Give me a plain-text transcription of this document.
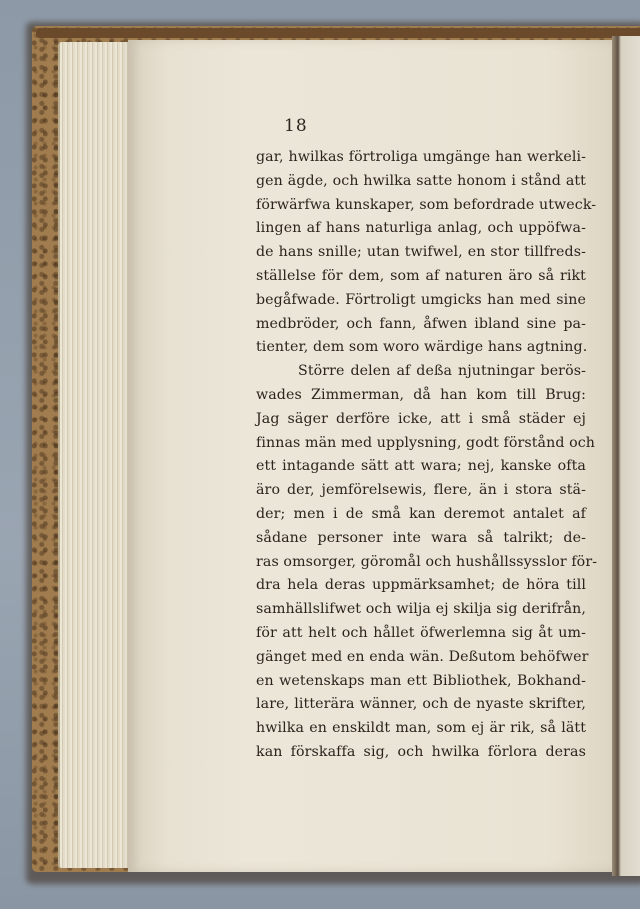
18
gar, hwilkas förtroliga umgänge han werkeli-
gen ägde, och hwilka satte honom i stånd att
förwärfwa kunskaper, som befordrade utweck-
lingen af hans naturliga anlag, och uppöfwa-
de hans snille; utan twifwel, en stor tillfreds-
ställelse för dem, som af naturen äro så rikt
begåfwade. Förtroligt umgicks han med sine
medbröder, och fann, åfwen ibland sine pa-
tienter, dem som woro wärdige hans agtning.
Större delen af deßa njutningar berös-
wades Zimmerman, då han kom till Brug:
Jag säger derföre icke, att i små städer ej
finnas män med upplysning, godt förstånd och
ett intagande sätt att wara; nej, kanske ofta
äro der, jemförelsewis, flere, än i stora stä-
der; men i de små kan deremot antalet af
sådane personer inte wara så talrikt; de-
ras omsorger, göromål och hushållssysslor för-
dra hela deras uppmärksamhet; de höra till
samhällslifwet och wilja ej skilja sig derifrån,
för att helt och hållet öfwerlemna sig åt um-
gänget med en enda wän. Deßutom behöfwer
en wetenskaps man ett Bibliothek, Bokhand-
lare, litterära wänner, och de nyaste skrifter,
hwilka en enskildt man, som ej är rik, så lätt
kan förskaffa sig, och hwilka förlora deras
